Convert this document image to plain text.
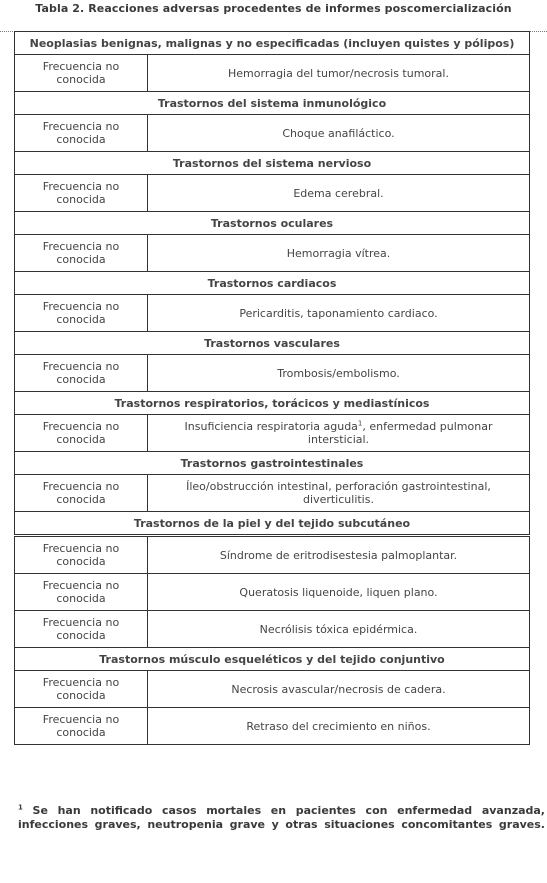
Tabla 2. Reacciones adversas procedentes de informes poscomercialización
Neoplasias benignas, malignas y no especificadas (incluyen quistes y pólipos)	
Frecuencia no conocida	Hemorragia del tumor/necrosis tumoral.
Trastornos del sistema inmunológico	
Frecuencia no conocida	Choque anafiláctico.
Trastornos del sistema nervioso	
Frecuencia no conocida	Edema cerebral.
Trastornos oculares	
Frecuencia no conocida	Hemorragia vítrea.
Trastornos cardiacos	
Frecuencia no conocida	Pericarditis, taponamiento cardiaco.
Trastornos vasculares	
Frecuencia no conocida	Trombosis/embolismo.
Trastornos respiratorios, torácicos y mediastínicos	
Frecuencia no conocida	Insuficiencia respiratoria aguda$^1$, enfermedad pulmonar intersticial.
Trastornos gastrointestinales	
Frecuencia no conocida	Íleo/obstrucción intestinal, perforación gastrointestinal, diverticulitis.
Trastornos de la piel y del tejido subcutáneo	
Frecuencia no conocida	Síndrome de eritrodisestesia palmoplantar.
Frecuencia no conocida	Queratosis liquenoide, liquen plano.
Frecuencia no conocida	Necrólisis tóxica epidérmica.
Trastornos músculo esqueléticos y del tejido conjuntivo	
Frecuencia no conocida	Necrosis avascular/necrosis de cadera.
Frecuencia no conocida	Retraso del crecimiento en niños.
$^1$ Se han notificado casos mortales en pacientes con enfermedad avanzada, infecciones graves, neutropenia grave y otras situaciones concomitantes graves.
